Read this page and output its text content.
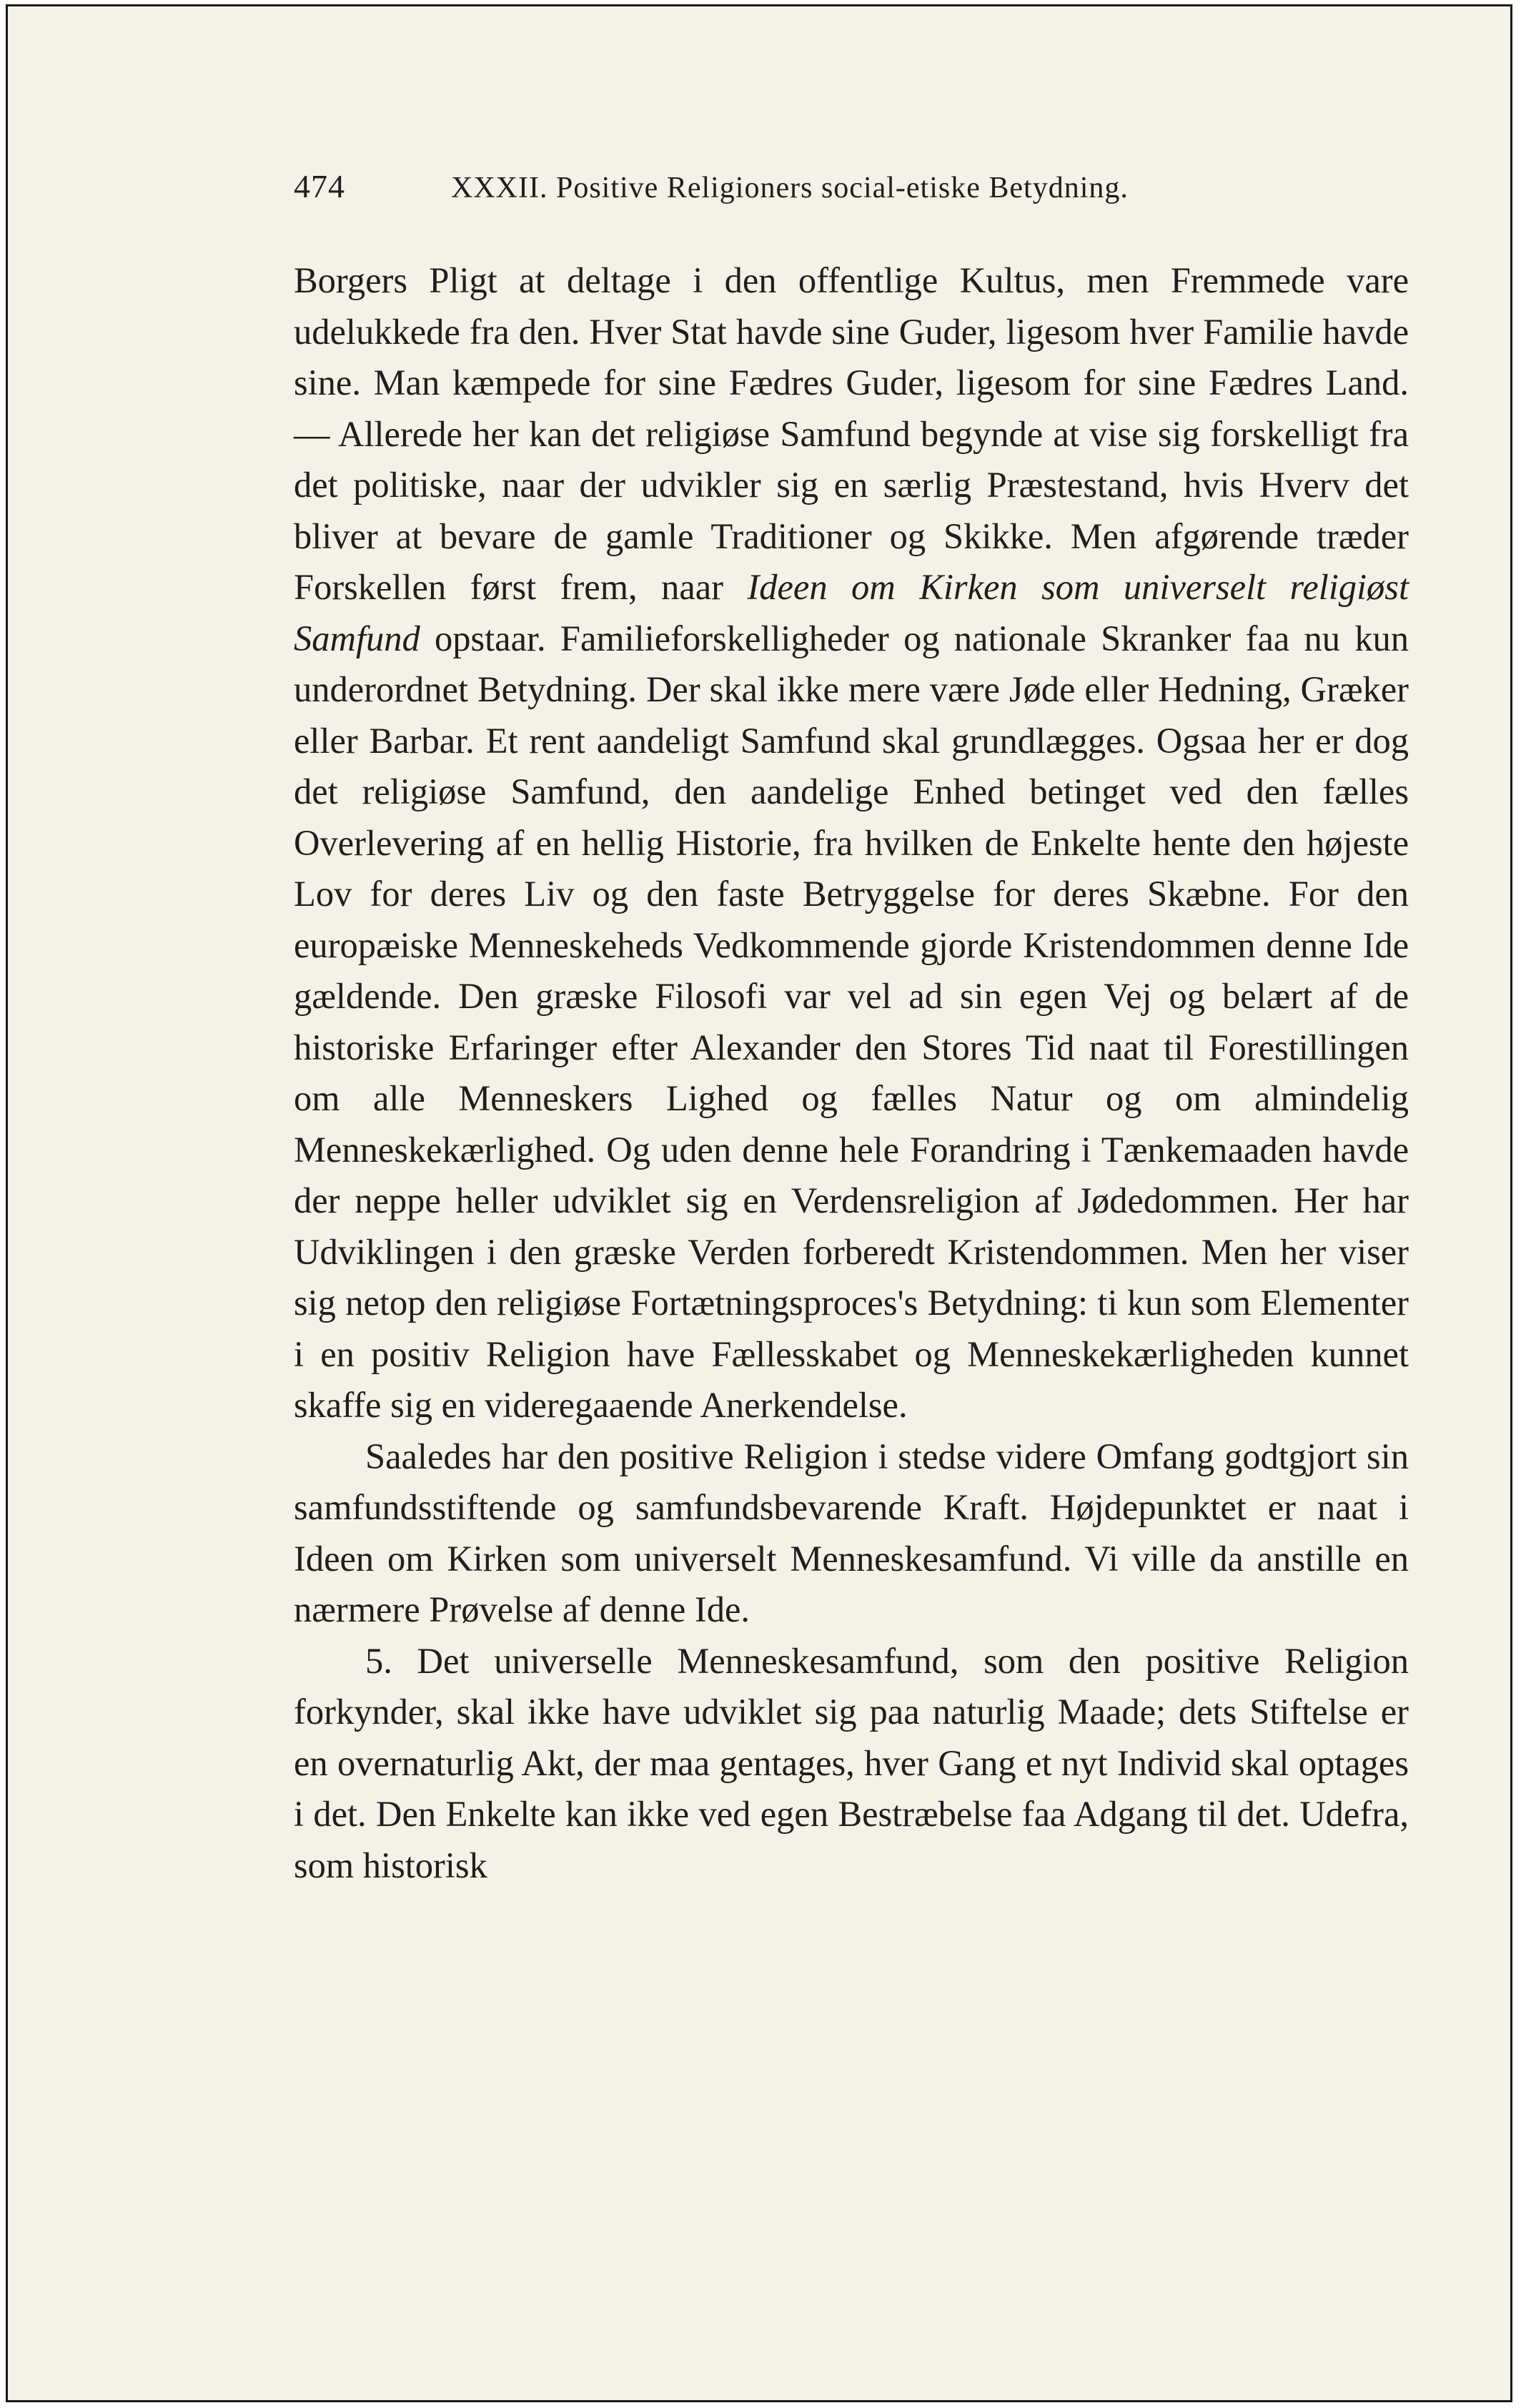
474	XXXII. Positive Religioners social-etiske Betydning.

Borgers Pligt at deltage i den offentlige Kultus, men Fremmede vare udelukkede fra den. Hver Stat havde sine Guder, ligesom hver Familie havde sine. Man kæmpede for sine Fædres Guder, ligesom for sine Fædres Land. — Allerede her kan det religiøse Samfund begynde at vise sig forskelligt fra det politiske, naar der udvikler sig en særlig Præstestand, hvis Hverv det bliver at bevare de gamle Traditioner og Skikke. Men afgørende træder Forskellen først frem, naar Ideen om Kirken som universelt religiøst Samfund opstaar. Familieforskelligheder og nationale Skranker faa nu kun underordnet Betydning. Der skal ikke mere være Jøde eller Hedning, Græker eller Barbar. Et rent aandeligt Samfund skal grundlægges. Ogsaa her er dog det religiøse Samfund, den aandelige Enhed betinget ved den fælles Overlevering af en hellig Historie, fra hvilken de Enkelte hente den højeste Lov for deres Liv og den faste Betryggelse for deres Skæbne. For den europæiske Menneskeheds Vedkommende gjorde Kristendommen denne Ide gældende. Den græske Filosofi var vel ad sin egen Vej og belært af de historiske Erfaringer efter Alexander den Stores Tid naat til Forestillingen om alle Menneskers Lighed og fælles Natur og om almindelig Menneskekærlighed. Og uden denne hele Forandring i Tænkemaaden havde der neppe heller udviklet sig en Verdensreligion af Jødedommen. Her har Udviklingen i den græske Verden forberedt Kristendommen. Men her viser sig netop den religiøse Fortætningsproces's Betydning: ti kun som Elementer i en positiv Religion have Fællesskabet og Menneskekærligheden kunnet skaffe sig en videregaaende Anerkendelse.

Saaledes har den positive Religion i stedse videre Omfang godtgjort sin samfundsstiftende og samfundsbevarende Kraft. Højdepunktet er naat i Ideen om Kirken som universelt Menneskesamfund. Vi ville da anstille en nærmere Prøvelse af denne Ide.

5. Det universelle Menneskesamfund, som den positive Religion forkynder, skal ikke have udviklet sig paa naturlig Maade; dets Stiftelse er en overnaturlig Akt, der maa gentages, hver Gang et nyt Individ skal optages i det. Den Enkelte kan ikke ved egen Bestræbelse faa Adgang til det. Udefra, som historisk
